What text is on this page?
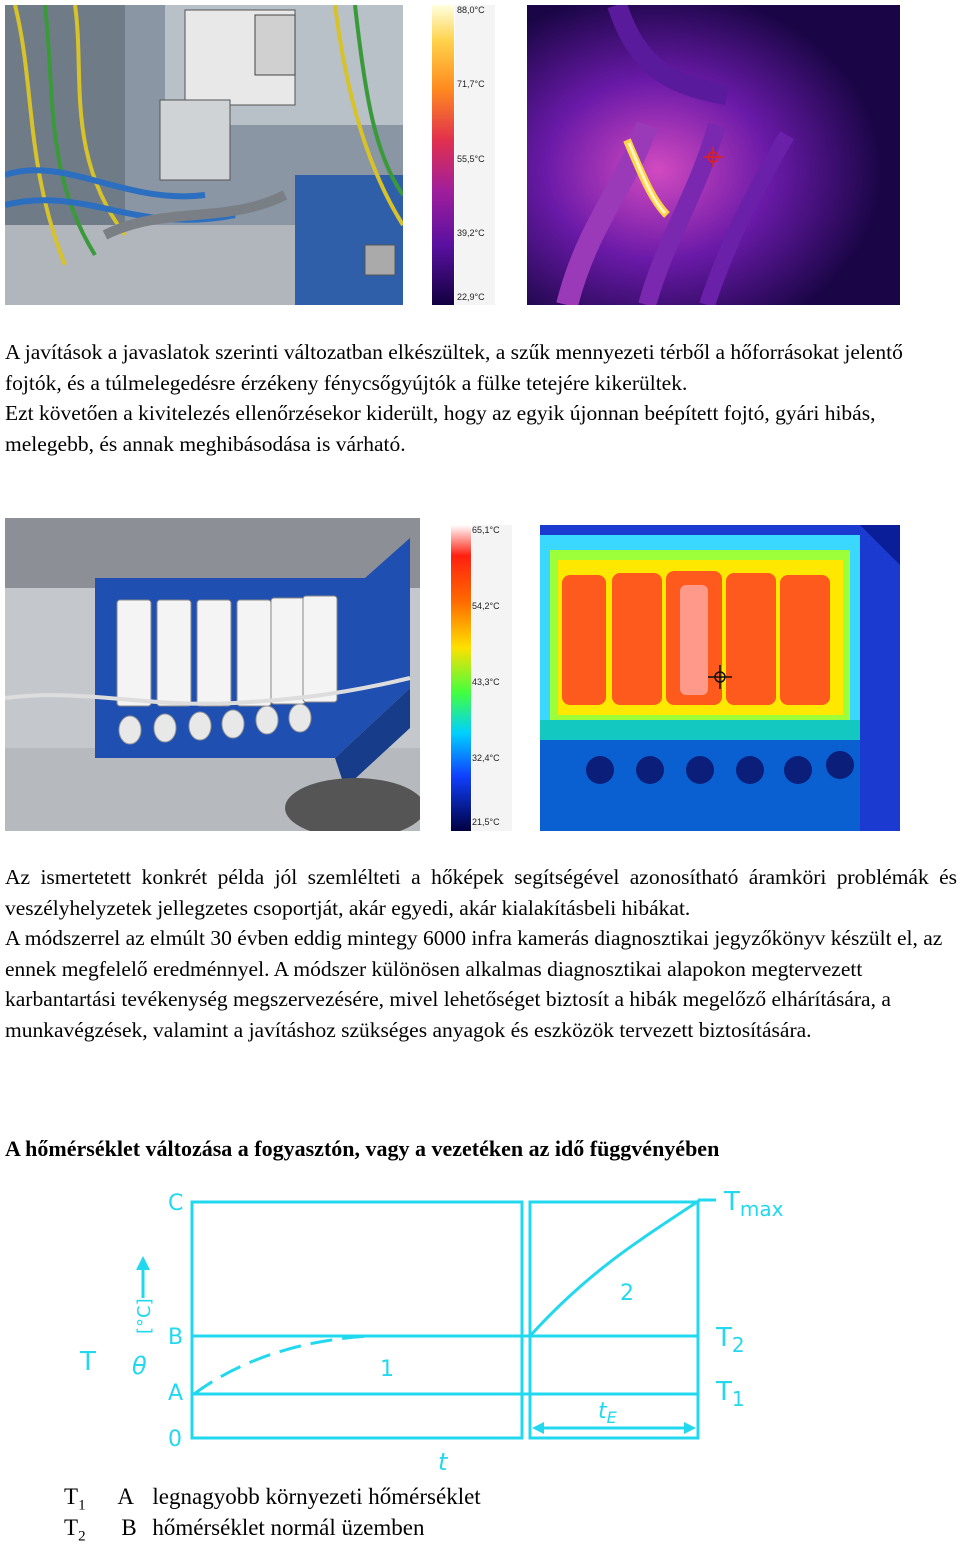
88,0°C
71,7°C
55,5°C
39,2°C
22,9°C

A javítások a javaslatok szerinti változatban elkészültek, a szűk mennyezeti térből a hőforrásokat jelentő fojtók, és a túlmelegedésre érzékeny fénycsőgyújtók a fülke tetejére kikerültek.

Ezt követően a kivitelezés ellenőrzésekor kiderült, hogy az egyik újonnan beépített fojtó, gyári hibás, melegebb, és annak meghibásodása is várható.

65,1°C
54,2°C
43,3°C
32,4°C
21,5°C

Az ismertetett konkrét példa jól szemlélteti a hőképek segítségével azonosítható áramköri problémák és veszélyhelyzetek jellegzetes csoportját, akár egyedi, akár kialakításbeli hibákat.

A módszerrel az elmúlt 30 évben eddig mintegy 6000 infra kamerás diagnosztikai jegyzőkönyv készült el, az ennek megfelelő eredménnyel. A módszer különösen alkalmas diagnosztikai alapokon megtervezett karbantartási tevékenység megszervezésére, mivel lehetőséget biztosít a hibák megelőző elhárítására, a munkavégzések, valamint a javításhoz szükséges anyagok és eszközök tervezett biztosítására.

A hőmérséklet változása a fogyasztón, vagy a vezetéken az idő függvényében
C
B
A
0
T θ
[°C]
1
2
$T_{max}$
$T_2$
$T_1$
$t_E$
t
$T_1$ A legnagyobb környezeti hőmérséklet
$T_2$ B hőmérséklet normál üzemben
